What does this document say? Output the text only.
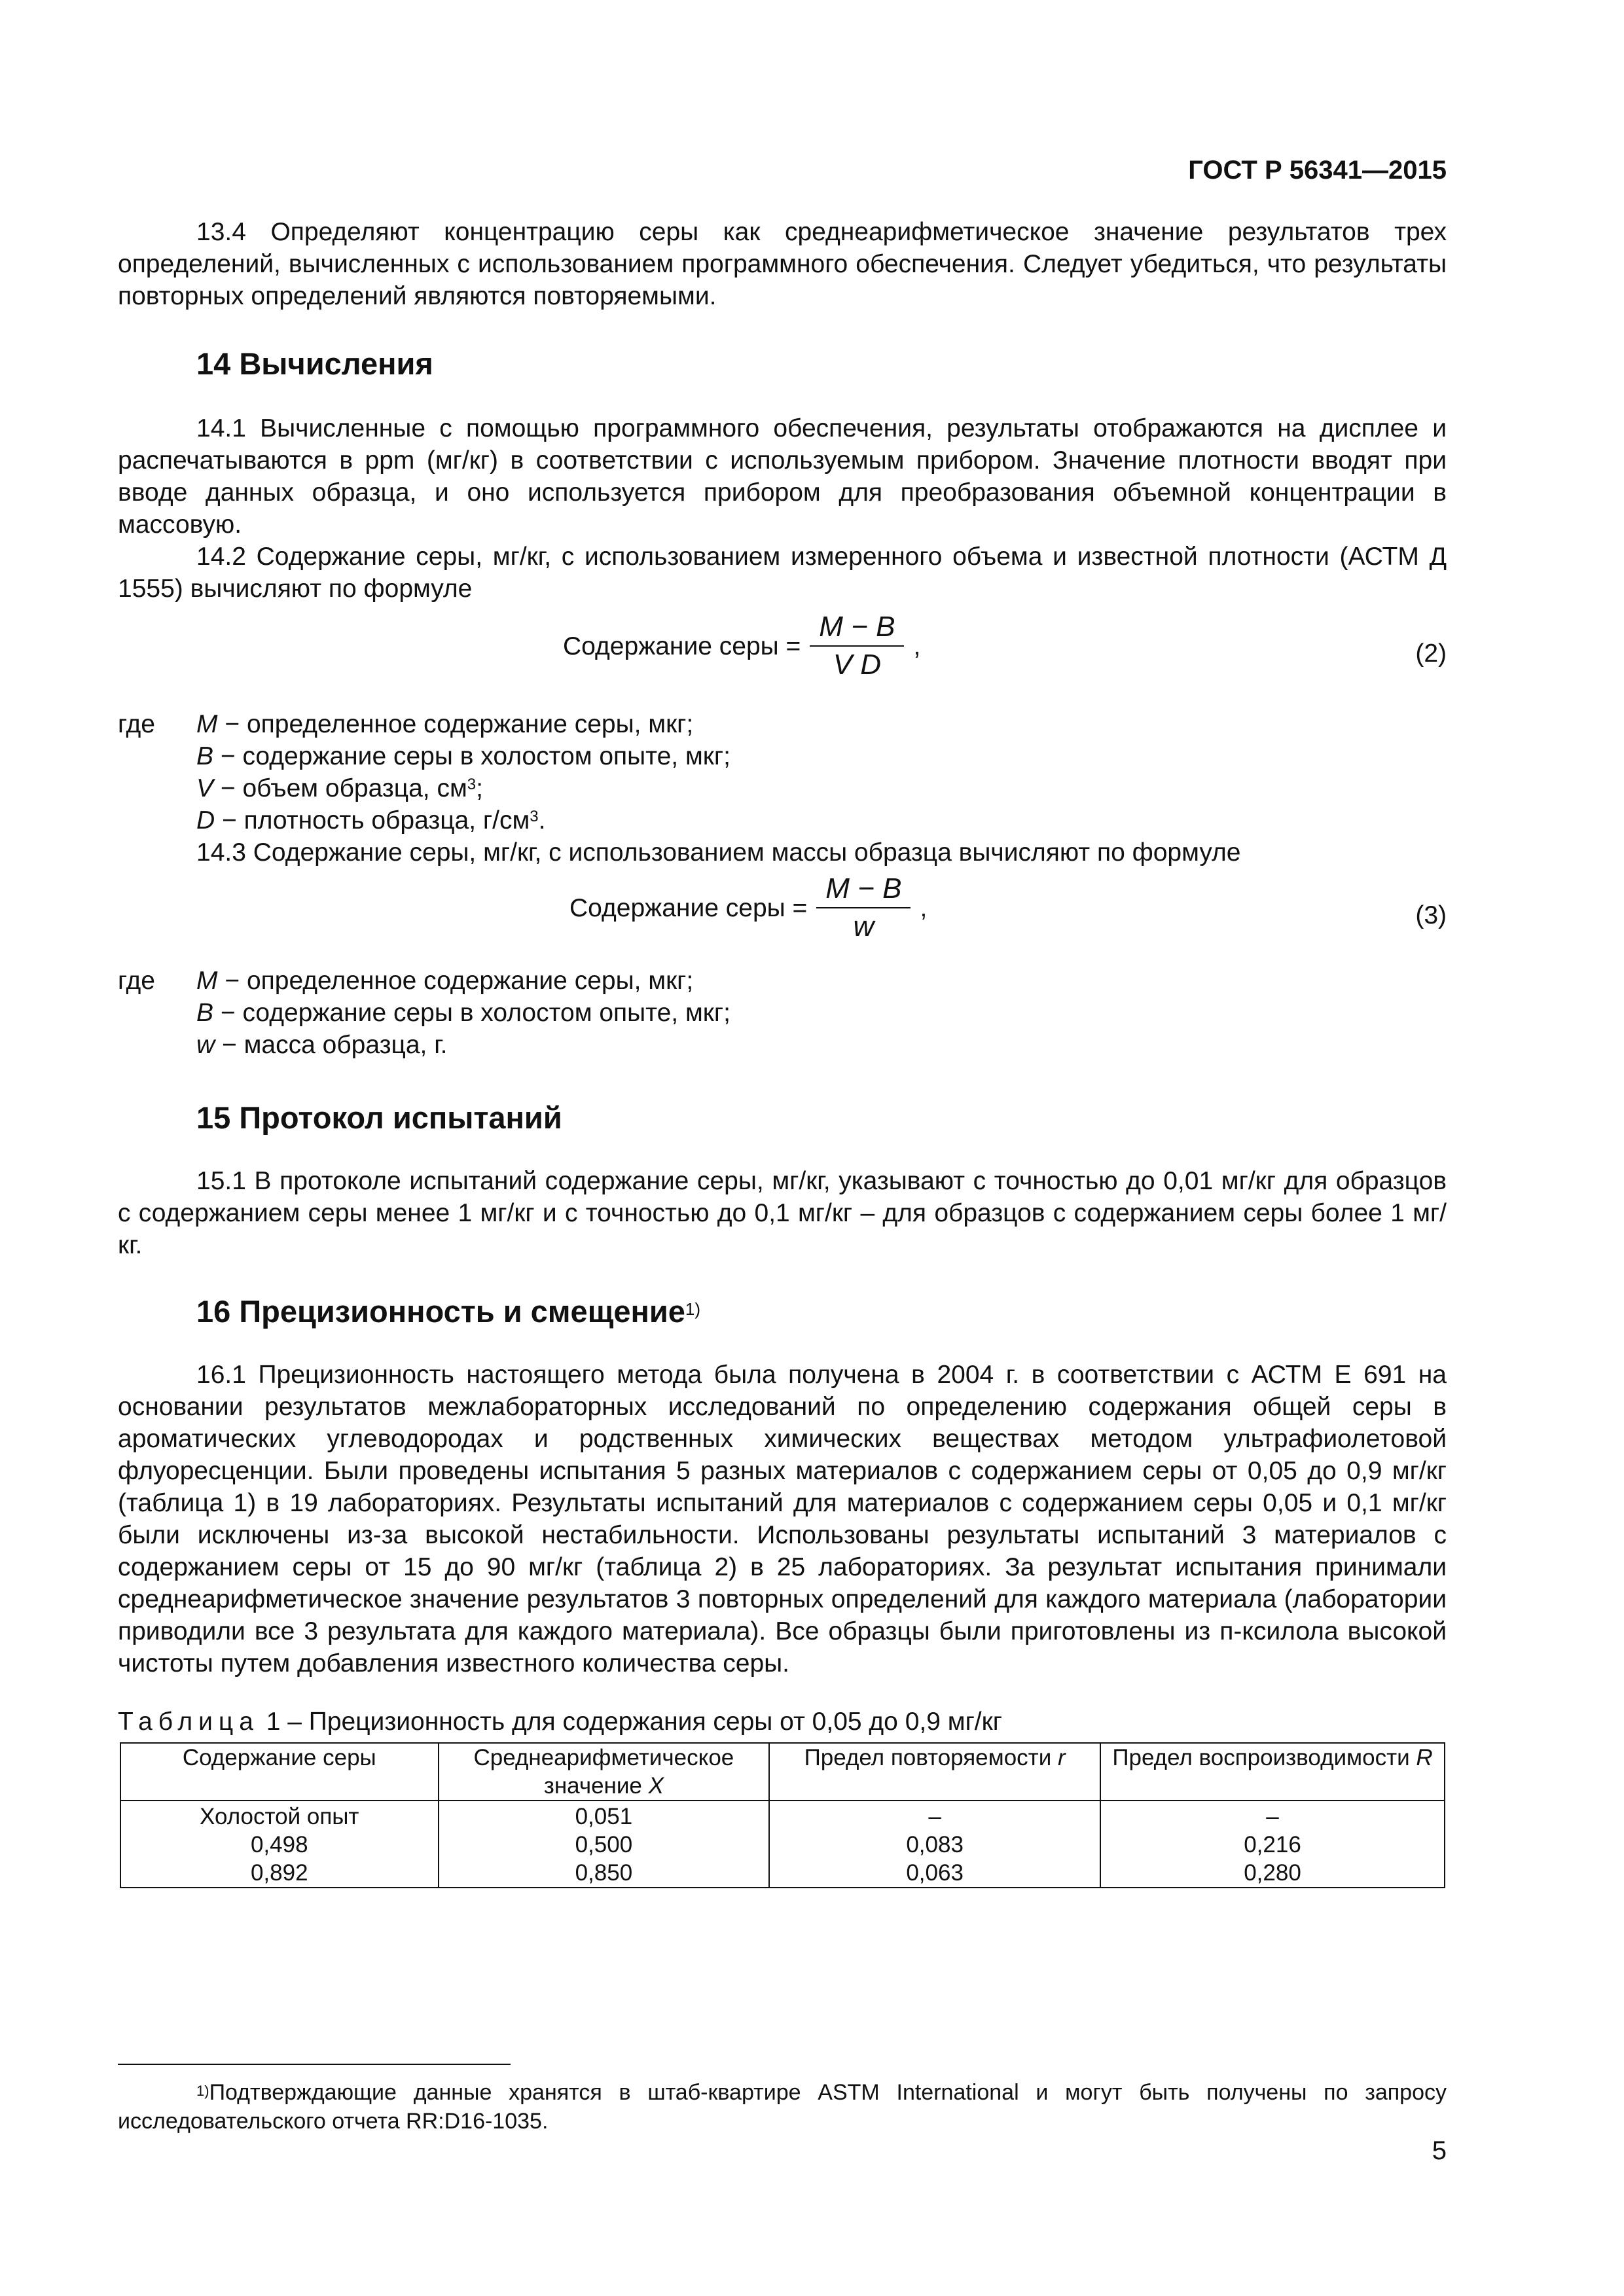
ГОСТ Р 56341—2015
13.4 Определяют концентрацию серы как среднеарифметическое значение результатов трех определений, вычисленных с использованием программного обеспечения. Следует убедиться, что результаты повторных определений являются повторяемыми.
14 Вычисления
14.1 Вычисленные с помощью программного обеспечения, результаты отображаются на дисплее и распечатываются в ppm (мг/кг) в соответствии с используемым прибором. Значение плотности вводят при вводе данных образца, и оно используется прибором для преобразования объемной концентрации в массовую.
14.2 Содержание серы, мг/кг, с использованием измеренного объема и известной плотности (АСТМ Д 1555) вычисляют по формуле
Содержание серы = $\frac{M - B}{\text{V D}}$ ,	(2)
где M − определенное содержание серы, мкг;
B − содержание серы в холостом опыте, мкг;
V − объем образца, $см^3$;
D − плотность образца, $г/см^3$.
14.3 Содержание серы, мг/кг, с использованием массы образца вычисляют по формуле
Содержание серы = $\frac{M - B}{w}$ ,	(3)
где M − определенное содержание серы, мкг;
B − содержание серы в холостом опыте, мкг;
w − масса образца, г.
15 Протокол испытаний
15.1 В протоколе испытаний содержание серы, мг/кг, указывают с точностью до 0,01 мг/кг для образцов с содержанием серы менее 1 мг/кг и с точностью до 0,1 мг/кг – для образцов с содержанием серы более 1 мг/кг.
16 Прецизионность и смещение$^{1)}$
16.1 Прецизионность настоящего метода была получена в 2004 г. в соответствии с АСТМ Е 691 на основании результатов межлабораторных исследований по определению содержания общей серы в ароматических углеводородах и родственных химических веществах методом ультрафиолетовой флуоресценции. Были проведены испытания 5 разных материалов с содержанием серы от 0,05 до 0,9 мг/кг (таблица 1) в 19 лабораториях. Результаты испытаний для материалов с содержанием серы 0,05 и 0,1 мг/кг были исключены из-за высокой нестабильности. Использованы результаты испытаний 3 материалов с содержанием серы от 15 до 90 мг/кг (таблица 2) в 25 лабораториях. За результат испытания принимали среднеарифметическое значение результатов 3 повторных определений для каждого материала (лаборатории приводили все 3 результата для каждого материала). Все образцы были приготовлены из п-ксилола высокой чистоты путем добавления известного количества серы.
Таблица 1 – Прецизионность для содержания серы от 0,05 до 0,9 мг/кг
Содержание серы	Среднеарифметическое значение X	Предел повторяемости r	Предел воспроизводимости R
Холостой опыт	0,051	–	–
0,498	0,500	0,083	0,216
0,892	0,850	0,063	0,280
$^{1)}$Подтверждающие данные хранятся в штаб-квартире ASTM International и могут быть получены по запросу исследовательского отчета RR:D16-1035.
5
